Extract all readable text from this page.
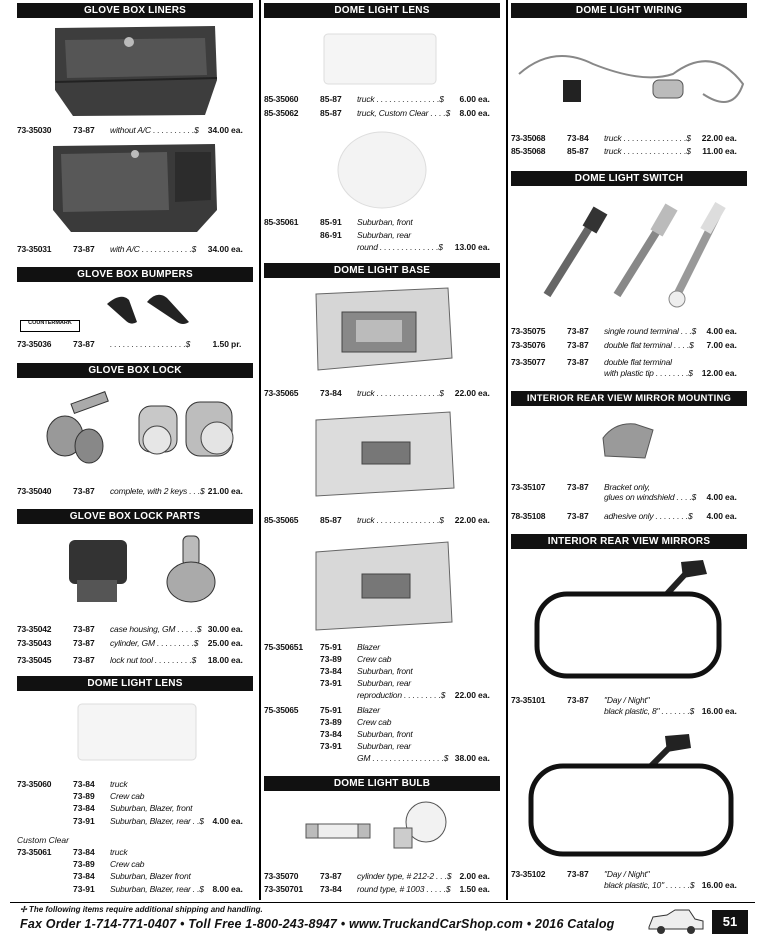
GLOVE BOX LINERS
73-35030	73-87 without A/C . . . . . . . . . .$ 34.00 ea.
73-35031	73-87 with A/C . . . . . . . . . . . .$ 34.00 ea.
GLOVE BOX BUMPERS
COUNTERMARK
73-35036	73-87 . . . . . . . . . . . . . . . . . .$	1.50 pr.
GLOVE BOX LOCK
73-35040	73-87 complete, with 2 keys . . .$ 21.00 ea.
GLOVE BOX LOCK PARTS
73-35042	73-87 case housing, GM . . . . .$ 30.00 ea.
73-35043	73-87 cylinder, GM . . . . . . . . .$ 25.00 ea.
73-35045	73-87 lock nut tool . . . . . . . . .$ 18.00 ea.
DOME LIGHT LENS
73-35060	73-84 truck
73-89 Crew cab
73-84 Suburban, Blazer, front
73-91 Suburban, Blazer, rear . .$ 4.00 ea.
Custom Clear
73-35061	73-84 truck
73-89 Crew cab
73-84 Suburban, Blazer front
73-91 Suburban, Blazer, rear . .$ 8.00 ea.
DOME LIGHT LENS
85-35060	85-87 truck . . . . . . . . . . . . . . .$ 6.00 ea.
85-35062	85-87 truck, Custom Clear . . . .$ 8.00 ea.
85-35061	85-91 Suburban, front
86-91 Suburban, rear
round . . . . . . . . . . . . . .$ 13.00 ea.
DOME LIGHT BASE
73-35065	73-84 truck . . . . . . . . . . . . . . .$ 22.00 ea.
85-35065	85-87 truck . . . . . . . . . . . . . . .$ 22.00 ea.
75-350651 75-91 Blazer
73-89 Crew cab
73-84 Suburban, front
73-91 Suburban, rear
reproduction . . . . . . . . .$ 22.00 ea.
75-35065	75-91 Blazer
73-89 Crew cab
73-84 Suburban, front
73-91 Suburban, rear
GM . . . . . . . . . . . . . . . . .$ 38.00 ea.
DOME LIGHT BULB
73-35070	73-87 cylinder type, # 212-2 . . .$ 2.00 ea.
73-350701 73-84 round type, # 1003 . . . . .$ 1.50 ea.
DOME LIGHT WIRING
73-35068	73-84 truck . . . . . . . . . . . . . . .$ 22.00 ea.
85-35068	85-87 truck . . . . . . . . . . . . . . .$ 11.00 ea.
DOME LIGHT SWITCH
73-35075	73-87 single round terminal . . .$ 4.00 ea.
73-35076	73-87 double flat terminal . . . .$ 7.00 ea.
73-35077	73-87 double flat terminal
with plastic tip . . . . . . . .$ 12.00 ea.
INTERIOR REAR VIEW MIRROR MOUNTING BRACKET
73-35107	73-87 Bracket only,
glues on windshield . . . .$ 4.00 ea.
78-35108	73-87 adhesive only . . . . . . . .$ 4.00 ea.
INTERIOR REAR VIEW MIRRORS
73-35101	73-87 "Day / Night"
black plastic, 8" . . . . . . .$ 16.00 ea.
73-35102	73-87 "Day / Night"
black plastic, 10" . . . . . .$ 16.00 ea.
✢ The following items require additional shipping and handling.
Fax Order 1-714-771-0407 • Toll Free 1-800-243-8947 • www.TruckandCarShop.com • 2016 Catalog	51
